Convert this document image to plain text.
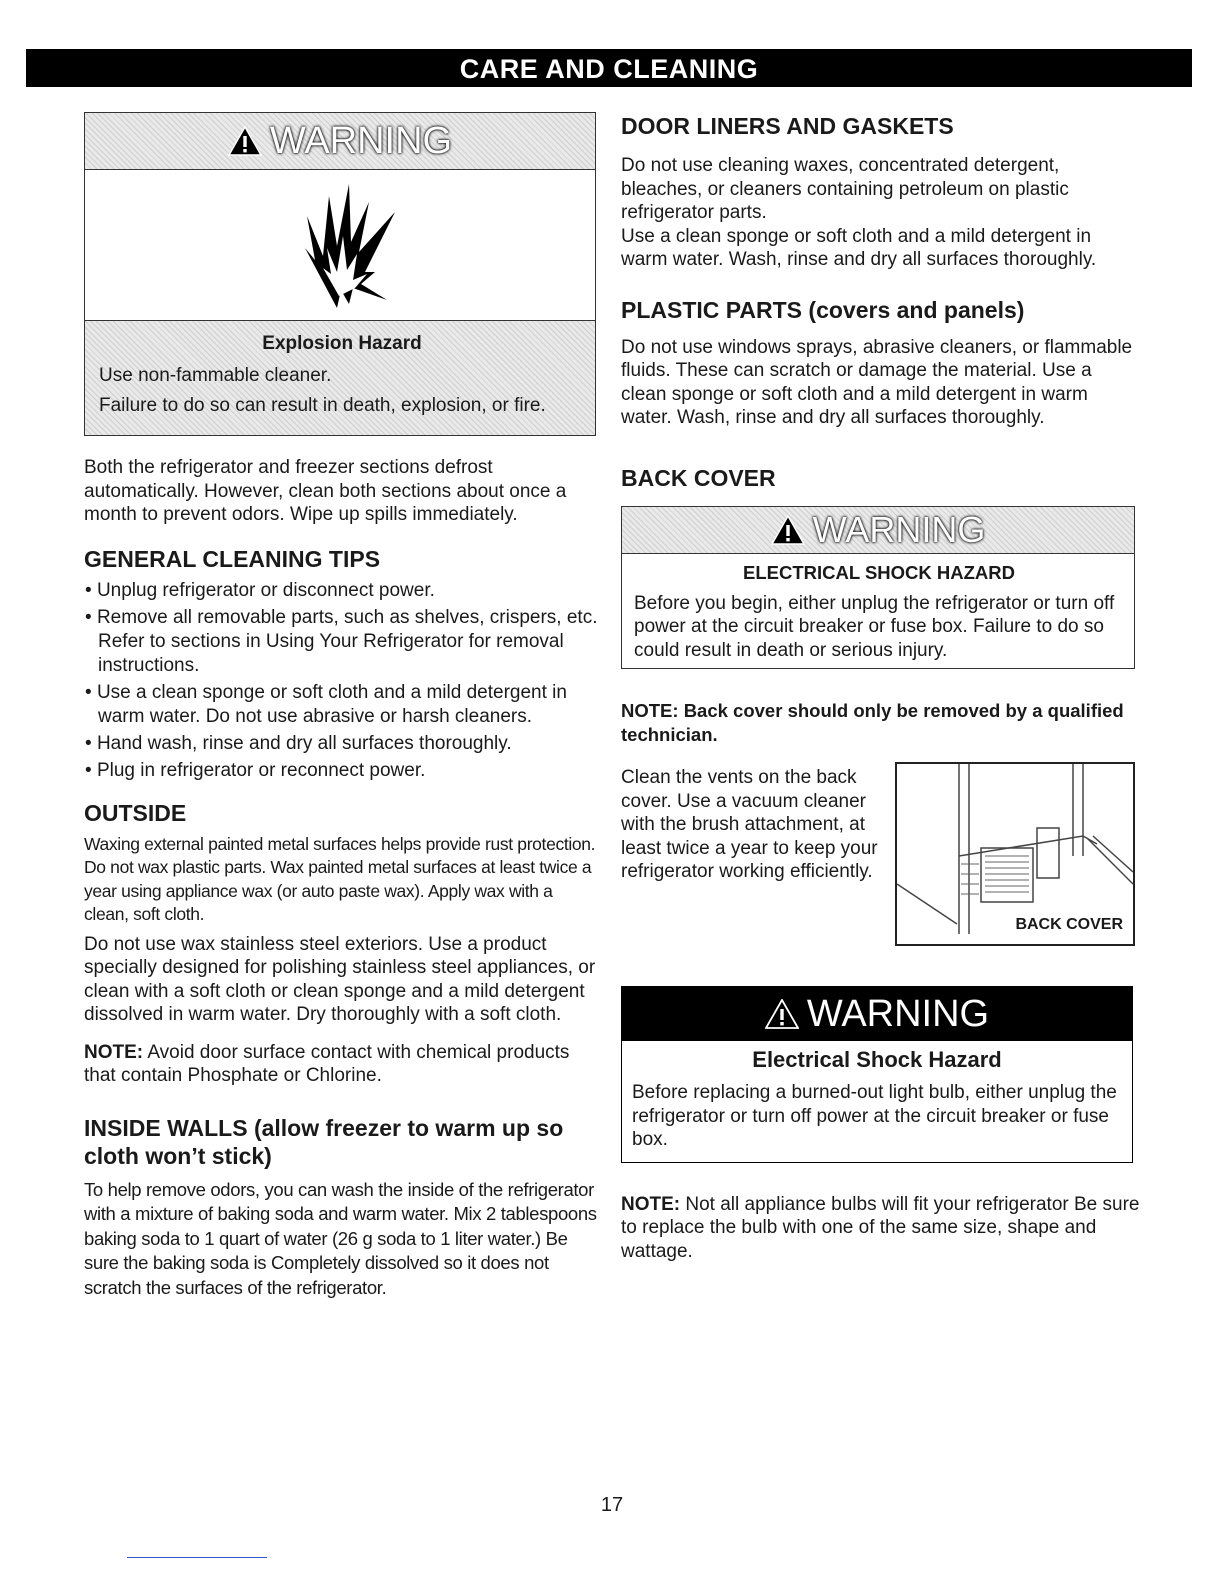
CARE AND CLEANING
WARNING
Explosion Hazard
Use non-fammable cleaner.
Failure to do so can result in death, explosion, or fire.

Both the refrigerator and freezer sections defrost automatically. However, clean both sections about once a month to prevent odors. Wipe up spills immediately.

GENERAL CLEANING TIPS
• Unplug refrigerator or disconnect power.
• Remove all removable parts, such as shelves, crispers, etc. Refer to sections in Using Your Refrigerator for removal instructions.
• Use a clean sponge or soft cloth and a mild detergent in warm water. Do not use abrasive or harsh cleaners.
• Hand wash, rinse and dry all surfaces thoroughly.
• Plug in refrigerator or reconnect power.
OUTSIDE

Waxing external painted metal surfaces helps provide rust protection. Do not wax plastic parts. Wax painted metal surfaces at least twice a year using appliance wax (or auto paste wax). Apply wax with a clean, soft cloth.

Do not use wax stainless steel exteriors. Use a product specially designed for polishing stainless steel appliances, or clean with a soft cloth or clean sponge and a mild detergent dissolved in warm water. Dry thoroughly with a soft cloth.

NOTE: Avoid door surface contact with chemical products that contain Phosphate or Chlorine.

INSIDE WALLS (allow freezer to warm up so cloth won’t stick)

To help remove odors, you can wash the inside of the refrigerator with a mixture of baking soda and warm water. Mix 2 tablespoons baking soda to 1 quart of water (26 g soda to 1 liter water.) Be sure the baking soda is Completely dissolved so it does not scratch the surfaces of the refrigerator.

DOOR LINERS AND GASKETS

Do not use cleaning waxes, concentrated detergent, bleaches, or cleaners containing petroleum on plastic refrigerator parts.

Use a clean sponge or soft cloth and a mild detergent in warm water. Wash, rinse and dry all surfaces thoroughly.

PLASTIC PARTS (covers and panels)

Do not use windows sprays, abrasive cleaners, or flammable fluids. These can scratch or damage the material. Use a clean sponge or soft cloth and a mild detergent in warm water. Wash, rinse and dry all surfaces thoroughly.

BACK COVER
WARNING
ELECTRICAL SHOCK HAZARD

Before you begin, either unplug the refrigerator or turn off power at the circuit breaker or fuse box. Failure to do so could result in death or serious injury.

NOTE: Back cover should only be removed by a qualified technician.

Clean the vents on the back cover. Use a vacuum cleaner with the brush attachment, at least twice a year to keep your refrigerator working efficiently.

BACK COVER
WARNING
Electrical Shock Hazard

Before replacing a burned-out light bulb, either unplug the refrigerator or turn off power at the circuit breaker or fuse box.

NOTE: Not all appliance bulbs will fit your refrigerator Be sure to replace the bulb with one of the same size, shape and wattage.

17
